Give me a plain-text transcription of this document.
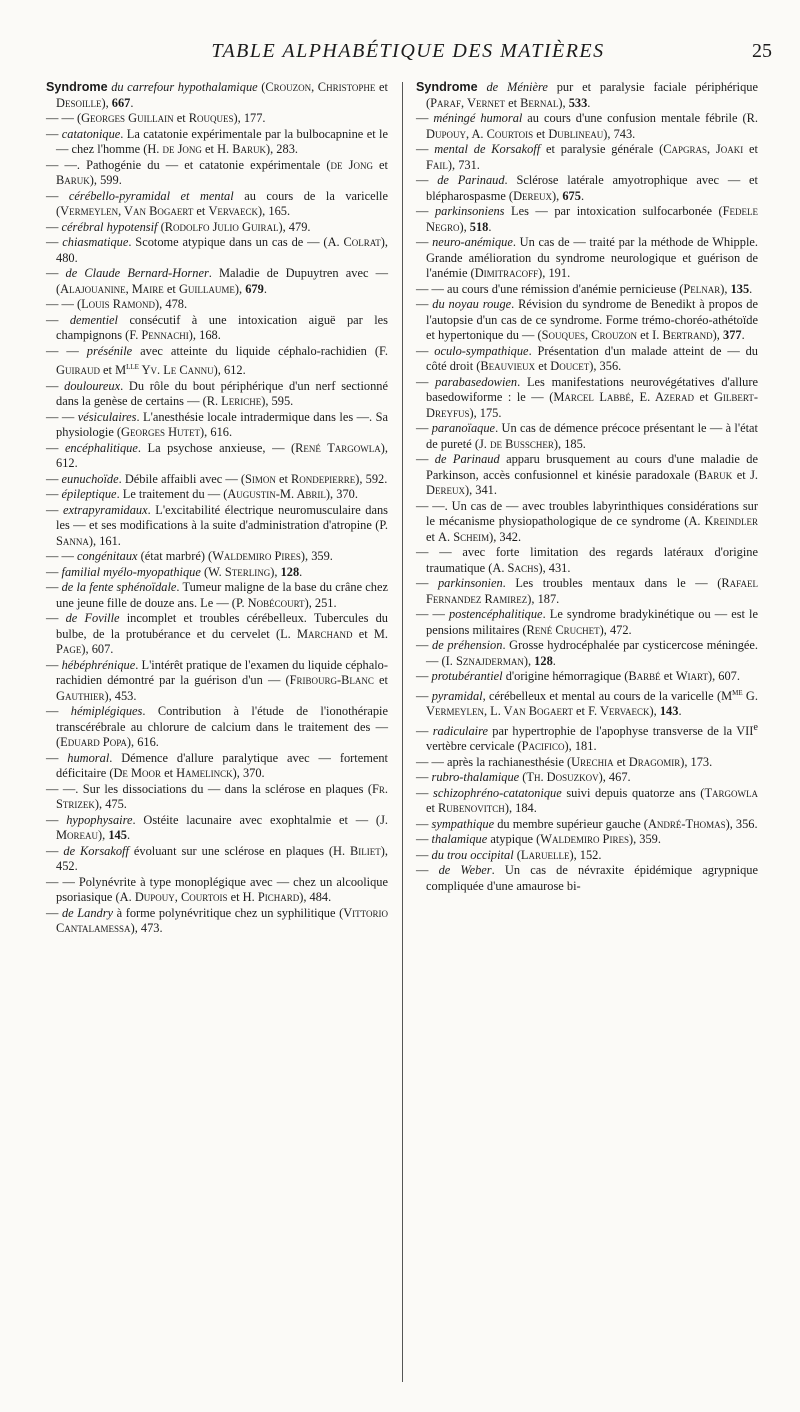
TABLE ALPHABÉTIQUE DES MATIÈRES	25

Syndrome du carrefour hypothalamique (Crouzon, Christophe et Desoille), 667.

— — (Georges Guillain et Rouques), 177.

— catatonique. La catatonie expérimentale par la bulbocapnine et le — chez l'homme (H. de Jong et H. Baruk), 283.

— —. Pathogénie du — et catatonie expérimentale (de Jong et Baruk), 599.

— cérébello-pyramidal et mental au cours de la varicelle (Vermeylen, Van Bogaert et Vervaeck), 165.

— cérébral hypotensif (Rodolfo Julio Guiral), 479.

— chiasmatique. Scotome atypique dans un cas de — (A. Colrat), 480.

— de Claude Bernard-Horner. Maladie de Dupuytren avec — (Alajouanine, Maire et Guillaume), 679.

— — (Louis Ramond), 478.

— dementiel consécutif à une intoxication aiguë par les champignons (F. Pennachi), 168.

— — présénile avec atteinte du liquide céphalo-rachidien (F. Guiraud et $M^{lle}$ Yv. Le Cannu), 612.

— douloureux. Du rôle du bout périphérique d'un nerf sectionné dans la genèse de certains — (R. Leriche), 595.

— — vésiculaires. L'anesthésie locale intradermique dans les —. Sa physiologie (Georges Hutet), 616.

— encéphalitique. La psychose anxieuse, — (René Targowla), 612.

— eunuchoïde. Débile affaibli avec — (Simon et Rondepierre), 592.

— épileptique. Le traitement du — (Augustin-M. Abril), 370.

— extrapyramidaux. L'excitabilité électrique neuromusculaire dans les — et ses modifications à la suite d'administration d'atropine (P. Sanna), 161.

— — congénitaux (état marbré) (Waldemiro Pires), 359.

— familial myélo-myopathique (W. Sterling), 128.

— de la fente sphénoïdale. Tumeur maligne de la base du crâne chez une jeune fille de douze ans. Le — (P. Nobécourt), 251.

— de Foville incomplet et troubles cérébelleux. Tubercules du bulbe, de la protubérance et du cervelet (L. Marchand et M. Page), 607.

— hébéphrénique. L'intérêt pratique de l'examen du liquide céphalo-rachidien démontré par la guérison d'un — (Fribourg-Blanc et Gauthier), 453.

— hémiplégiques. Contribution à l'étude de l'ionothérapie transcérébrale au chlorure de calcium dans le traitement des — (Eduard Popa), 616.

— humoral. Démence d'allure paralytique avec — fortement déficitaire (De Moor et Hamelinck), 370.

— —. Sur les dissociations du — dans la sclérose en plaques (Fr. Strizek), 475.

— hypophysaire. Ostéite lacunaire avec exophtalmie et — (J. Moreau), 145.

— de Korsakoff évoluant sur une sclérose en plaques (H. Biliet), 452.

— — Polynévrite à type monoplégique avec — chez un alcoolique psoriasique (A. Dupouy, Courtois et H. Pichard), 484.

— de Landry à forme polynévritique chez un syphilitique (Vittorio Cantalamessa), 473.

Syndrome de Ménière pur et paralysie faciale périphérique (Paraf, Vernet et Bernal), 533.

— méningé humoral au cours d'une confusion mentale fébrile (R. Dupouy, A. Courtois et Dublineau), 743.

— mental de Korsakoff et paralysie générale (Capgras, Joaki et Fail), 731.

— de Parinaud. Sclérose latérale amyotrophique avec — et blépharospasme (Dereux), 675.

— parkinsoniens Les — par intoxication sulfocarbonée (Fedele Negro), 518.

— neuro-anémique. Un cas de — traité par la méthode de Whipple. Grande amélioration du syndrome neurologique et guérison de l'anémie (Dimitracoff), 191.

— — au cours d'une rémission d'anémie pernicieuse (Pelnar), 135.

— du noyau rouge. Révision du syndrome de Benedikt à propos de l'autopsie d'un cas de ce syndrome. Forme trémo-choréo-athétoïde et hypertonique du — (Souques, Crouzon et I. Bertrand), 377.

— oculo-sympathique. Présentation d'un malade atteint de — du côté droit (Beauvieux et Doucet), 356.

— parabasedowien. Les manifestations neurovégétatives d'allure basedowiforme : le — (Marcel Labbé, E. Azerad et Gilbert-Dreyfus), 175.

— paranoïaque. Un cas de démence précoce présentant le — à l'état de pureté (J. de Busscher), 185.

— de Parinaud apparu brusquement au cours d'une maladie de Parkinson, accès confusionnel et kinésie paradoxale (Baruk et J. Dereux), 341.

— —. Un cas de — avec troubles labyrinthiques considérations sur le mécanisme physiopathologique de ce syndrome (A. Kreindler et A. Scheim), 342.

— — avec forte limitation des regards latéraux d'origine traumatique (A. Sachs), 431.

— parkinsonien. Les troubles mentaux dans le — (Rafael Fernandez Ramirez), 187.

— — postencéphalitique. Le syndrome bradykinétique ou — est le pensions militaires (René Cruchet), 472.

— de préhension. Grosse hydrocéphalée par cysticercose méningée. — (I. Sznajderman), 128.

— protubérantiel d'origine hémorragique (Barbé et Wiart), 607.

— pyramidal, cérébelleux et mental au cours de la varicelle ($M^{me}$ G. Vermeylen, L. Van Bogaert et F. Vervaeck), 143.

— radiculaire par hypertrophie de l'apophyse transverse de la VIIe vertèbre cervicale (Pacifico), 181.

— — après la rachianesthésie (Urechia et Dragomir), 173.

— rubro-thalamique (Th. Dosuzkov), 467.

— schizophréno-catatonique suivi depuis quatorze ans (Targowla et Rubenovitch), 184.

— sympathique du membre supérieur gauche (André-Thomas), 356.

— thalamique atypique (Waldemiro Pires), 359.

— du trou occipital (Laruelle), 152.

— de Weber. Un cas de névraxite épidémique agrypnique compliquée d'une amaurose bi-
